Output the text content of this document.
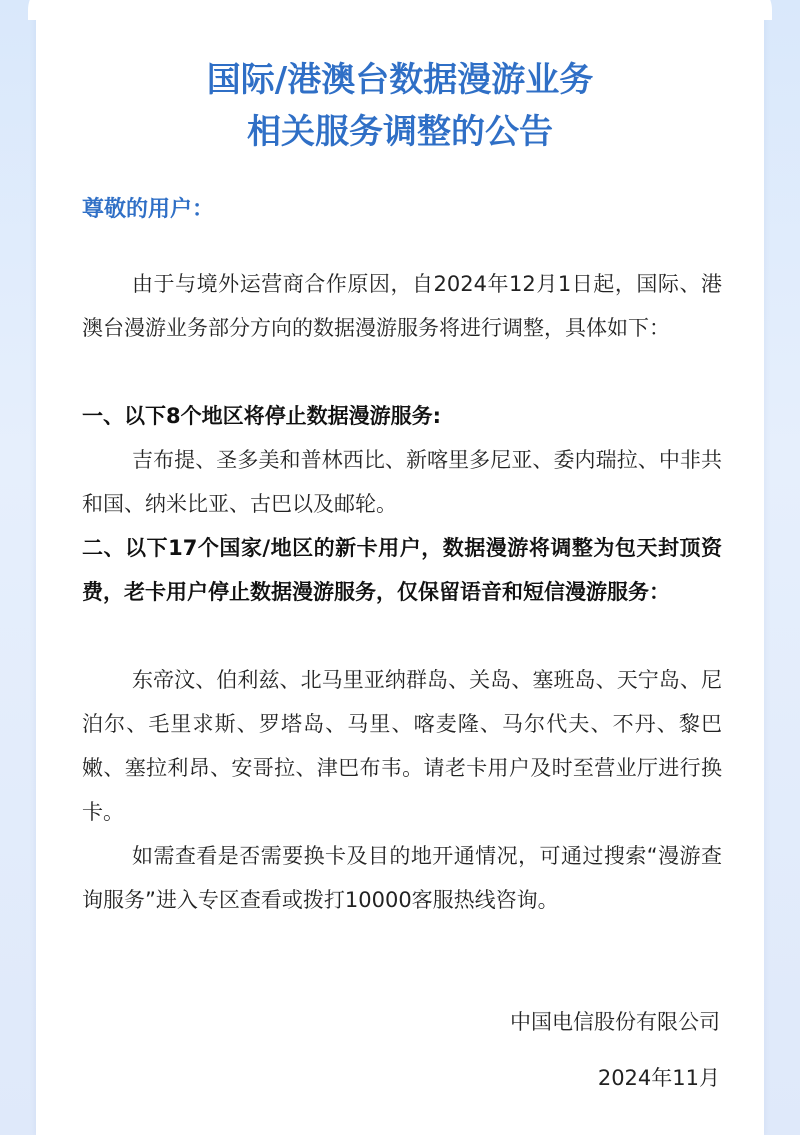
国际/港澳台数据漫游业务
相关服务调整的公告
尊敬的用户：
由于与境外运营商合作原因，自2024年12月1日起，国际、港澳台漫游业务部分方向的数据漫游服务将进行调整，具体如下：
一、以下8个地区将停止数据漫游服务:
吉布提、圣多美和普林西比、新喀里多尼亚、委内瑞拉、中非共和国、纳米比亚、古巴以及邮轮。
二、以下17个国家/地区的新卡用户，数据漫游将调整为包天封顶资费，老卡用户停止数据漫游服务，仅保留语音和短信漫游服务：
东帝汶、伯利兹、北马里亚纳群岛、关岛、塞班岛、天宁岛、尼泊尔、毛里求斯、罗塔岛、马里、喀麦隆、马尔代夫、不丹、黎巴嫩、塞拉利昂、安哥拉、津巴布韦。请老卡用户及时至营业厅进行换卡。
如需查看是否需要换卡及目的地开通情况，可通过搜索“漫游查询服务”进入专区查看或拨打10000客服热线咨询。
中国电信股份有限公司
2024年11月
